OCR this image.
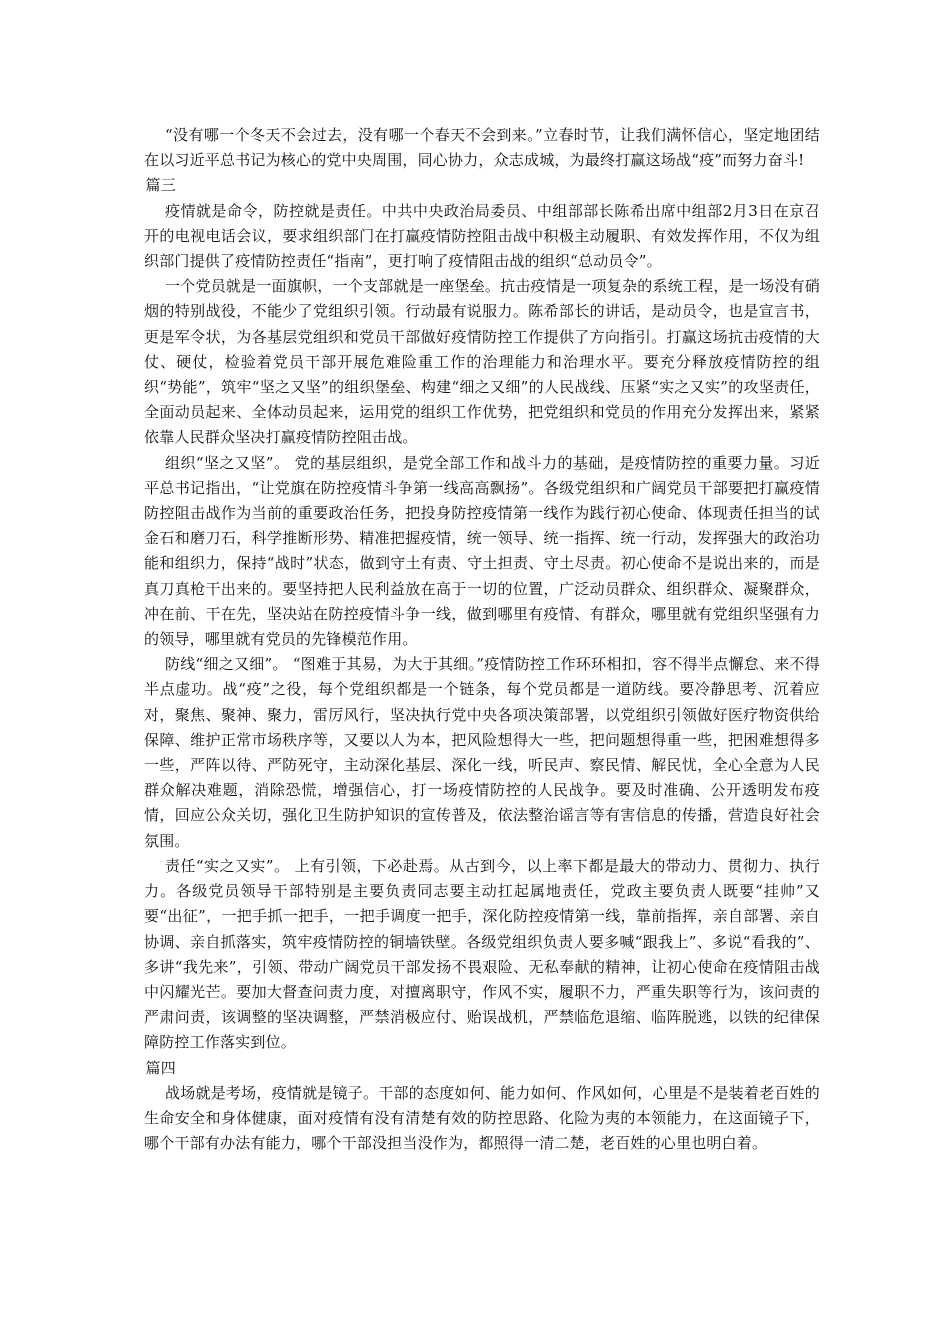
“没有哪一个冬天不会过去，没有哪一个春天不会到来。”立春时节，让我们满怀信心，坚定地团结在以习近平总书记为核心的党中央周围，同心协力，众志成城，为最终打赢这场战“疫”而努力奋斗!

篇三

疫情就是命令，防控就是责任。中共中央政治局委员、中组部部长陈希出席中组部2月3日在京召开的电视电话会议，要求组织部门在打赢疫情防控阻击战中积极主动履职、有效发挥作用，不仅为组织部门提供了疫情防控责任“指南”，更打响了疫情阻击战的组织“总动员令”。

一个党员就是一面旗帜，一个支部就是一座堡垒。抗击疫情是一项复杂的系统工程，是一场没有硝烟的特别战役，不能少了党组织引领。行动最有说服力。陈希部长的讲话，是动员令，也是宣言书，更是军令状，为各基层党组织和党员干部做好疫情防控工作提供了方向指引。打赢这场抗击疫情的大仗、硬仗，检验着党员干部开展危难险重工作的治理能力和治理水平。要充分释放疫情防控的组织“势能”，筑牢“坚之又坚”的组织堡垒、构建“细之又细”的人民战线、压紧“实之又实”的攻坚责任，全面动员起来、全体动员起来，运用党的组织工作优势，把党组织和党员的作用充分发挥出来，紧紧依靠人民群众坚决打赢疫情防控阻击战。

组织“坚之又坚”。 党的基层组织，是党全部工作和战斗力的基础，是疫情防控的重要力量。习近平总书记指出，“让党旗在防控疫情斗争第一线高高飘扬”。各级党组织和广阔党员干部要把打赢疫情防控阻击战作为当前的重要政治任务，把投身防控疫情第一线作为践行初心使命、体现责任担当的试金石和磨刀石，科学推断形势、精准把握疫情，统一领导、统一指挥、统一行动，发挥强大的政治功能和组织力，保持“战时”状态，做到守土有责、守土担责、守土尽责。初心使命不是说出来的，而是真刀真枪干出来的。要坚持把人民利益放在高于一切的位置，广泛动员群众、组织群众、凝聚群众，冲在前、干在先，坚决站在防控疫情斗争一线，做到哪里有疫情、有群众，哪里就有党组织坚强有力的领导，哪里就有党员的先锋模范作用。

防线“细之又细”。 “图难于其易，为大于其细。”疫情防控工作环环相扣，容不得半点懈怠、来不得半点虚功。战“疫”之役，每个党组织都是一个链条，每个党员都是一道防线。要冷静思考、沉着应对，聚焦、聚神、聚力，雷厉风行，坚决执行党中央各项决策部署，以党组织引领做好医疗物资供给保障、维护正常市场秩序等，又要以人为本，把风险想得大一些，把问题想得重一些，把困难想得多一些，严阵以待、严防死守，主动深化基层、深化一线，听民声、察民情、解民忧，全心全意为人民群众解决难题，消除恐慌，增强信心，打一场疫情防控的人民战争。要及时准确、公开透明发布疫情，回应公众关切，强化卫生防护知识的宣传普及，依法整治谣言等有害信息的传播，营造良好社会氛围。

责任“实之又实”。 上有引领，下必赴焉。从古到今，以上率下都是最大的带动力、贯彻力、执行力。各级党员领导干部特别是主要负责同志要主动扛起属地责任，党政主要负责人既要“挂帅”又要“出征”，一把手抓一把手，一把手调度一把手，深化防控疫情第一线，靠前指挥，亲自部署、亲自协调、亲自抓落实，筑牢疫情防控的铜墙铁壁。各级党组织负责人要多喊“跟我上”、多说“看我的”、多讲“我先来”，引领、带动广阔党员干部发扬不畏艰险、无私奉献的精神，让初心使命在疫情阻击战中闪耀光芒。要加大督查问责力度，对擅离职守，作风不实，履职不力，严重失职等行为，该问责的严肃问责，该调整的坚决调整，严禁消极应付、贻误战机，严禁临危退缩、临阵脱逃，以铁的纪律保障防控工作落实到位。

篇四

战场就是考场，疫情就是镜子。干部的态度如何、能力如何、作风如何，心里是不是装着老百姓的生命安全和身体健康，面对疫情有没有清楚有效的防控思路、化险为夷的本领能力，在这面镜子下，哪个干部有办法有能力，哪个干部没担当没作为，都照得一清二楚，老百姓的心里也明白着。
